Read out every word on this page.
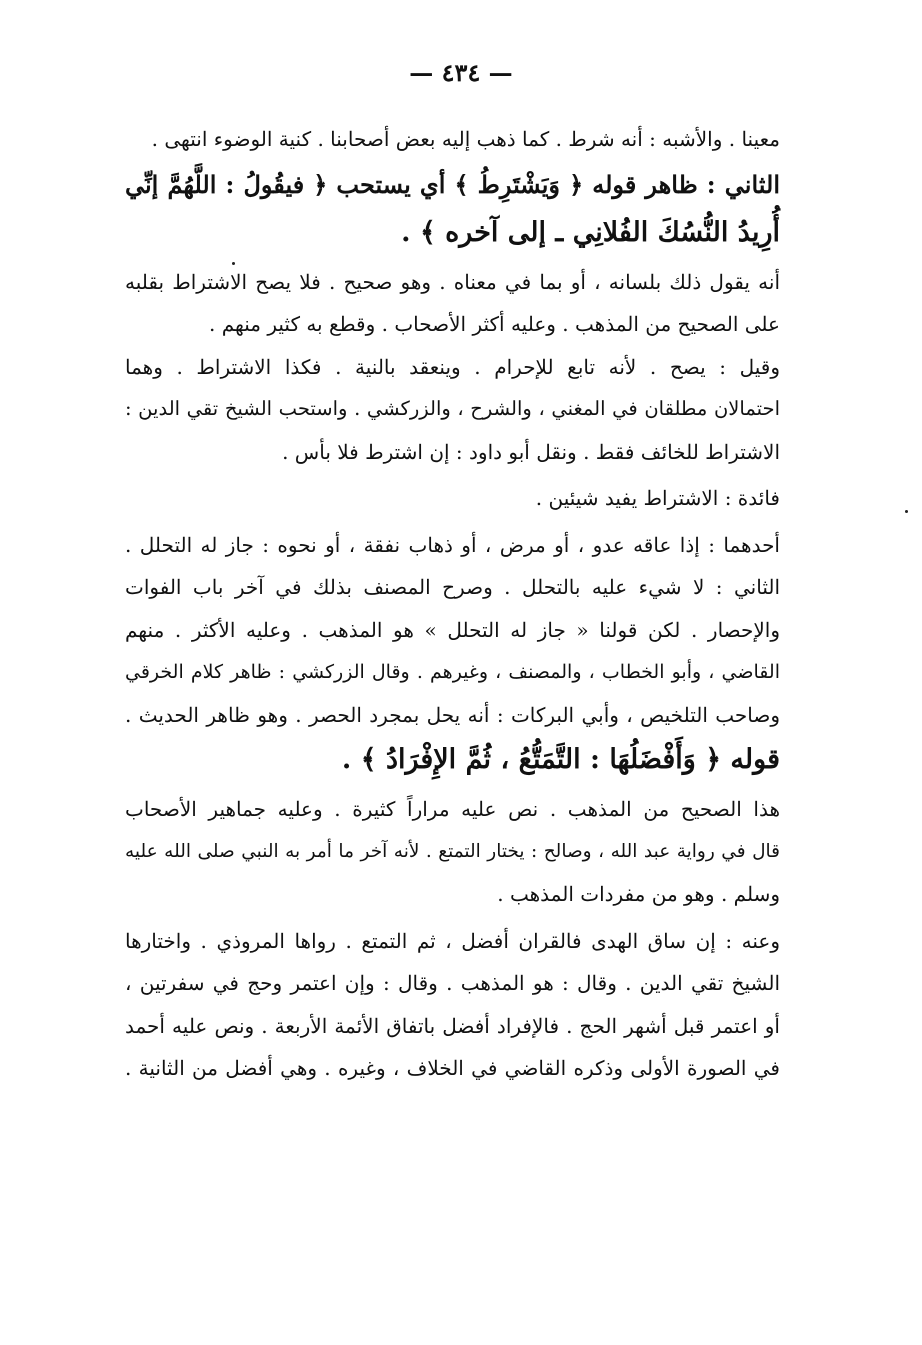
— ٤٣٤ —
معينا . والأشبه : أنه شرط . كما ذهب إليه بعض أصحابنا . كنية الوضوء انتهى .
الثاني : ظاهر قوله ﴿ وَيَشْتَرِطُ ﴾ أي يستحب ﴿ فيقُولُ : اللَّهُمَّ إنِّي
أُرِيدُ النُّسُكَ الفُلانِي ـ إلى آخره ﴾ .
أنه يقول ذلك بلسانه ، أو بما في معناه . وهو صحيح . فلا يصح الاشتراط بقلبه
على الصحيح من المذهب . وعليه أكثر الأصحاب . وقطع به كثير منهم .
وقيل : يصح . لأنه تابع للإحرام . وينعقد بالنية . فكذا الاشتراط . وهما
احتمالان مطلقان في المغني ، والشرح ، والزركشي . واستحب الشيخ تقي الدين :
الاشتراط للخائف فقط . ونقل أبو داود : إن اشترط فلا بأس .
فائدة : الاشتراط يفيد شيئين .
أحدهما : إذا عاقه عدو ، أو مرض ، أو ذهاب نفقة ، أو نحوه : جاز له التحلل .
الثاني : لا شيء عليه بالتحلل . وصرح المصنف بذلك في آخر باب الفوات
والإحصار . لكن قولنا « جاز له التحلل » هو المذهب . وعليه الأكثر . منهم
القاضي ، وأبو الخطاب ، والمصنف ، وغيرهم . وقال الزركشي : ظاهر كلام الخرقي
وصاحب التلخيص ، وأبي البركات : أنه يحل بمجرد الحصر . وهو ظاهر الحديث .
قوله ﴿ وَأَفْضَلُهَا : التَّمَتُّعُ ، ثُمَّ الإِفْرَادُ ﴾ .
هذا الصحيح من المذهب . نص عليه مراراً كثيرة . وعليه جماهير الأصحاب
قال في رواية عبد الله ، وصالح : يختار التمتع . لأنه آخر ما أمر به النبي صلى الله عليه
وسلم . وهو من مفردات المذهب .
وعنه : إن ساق الهدى فالقران أفضل ، ثم التمتع . رواها المروذي . واختارها
الشيخ تقي الدين . وقال : هو المذهب . وقال : وإن اعتمر وحج في سفرتين ،
أو اعتمر قبل أشهر الحج . فالإفراد أفضل باتفاق الأئمة الأربعة . ونص عليه أحمد
في الصورة الأولى وذكره القاضي في الخلاف ، وغيره . وهي أفضل من الثانية .
